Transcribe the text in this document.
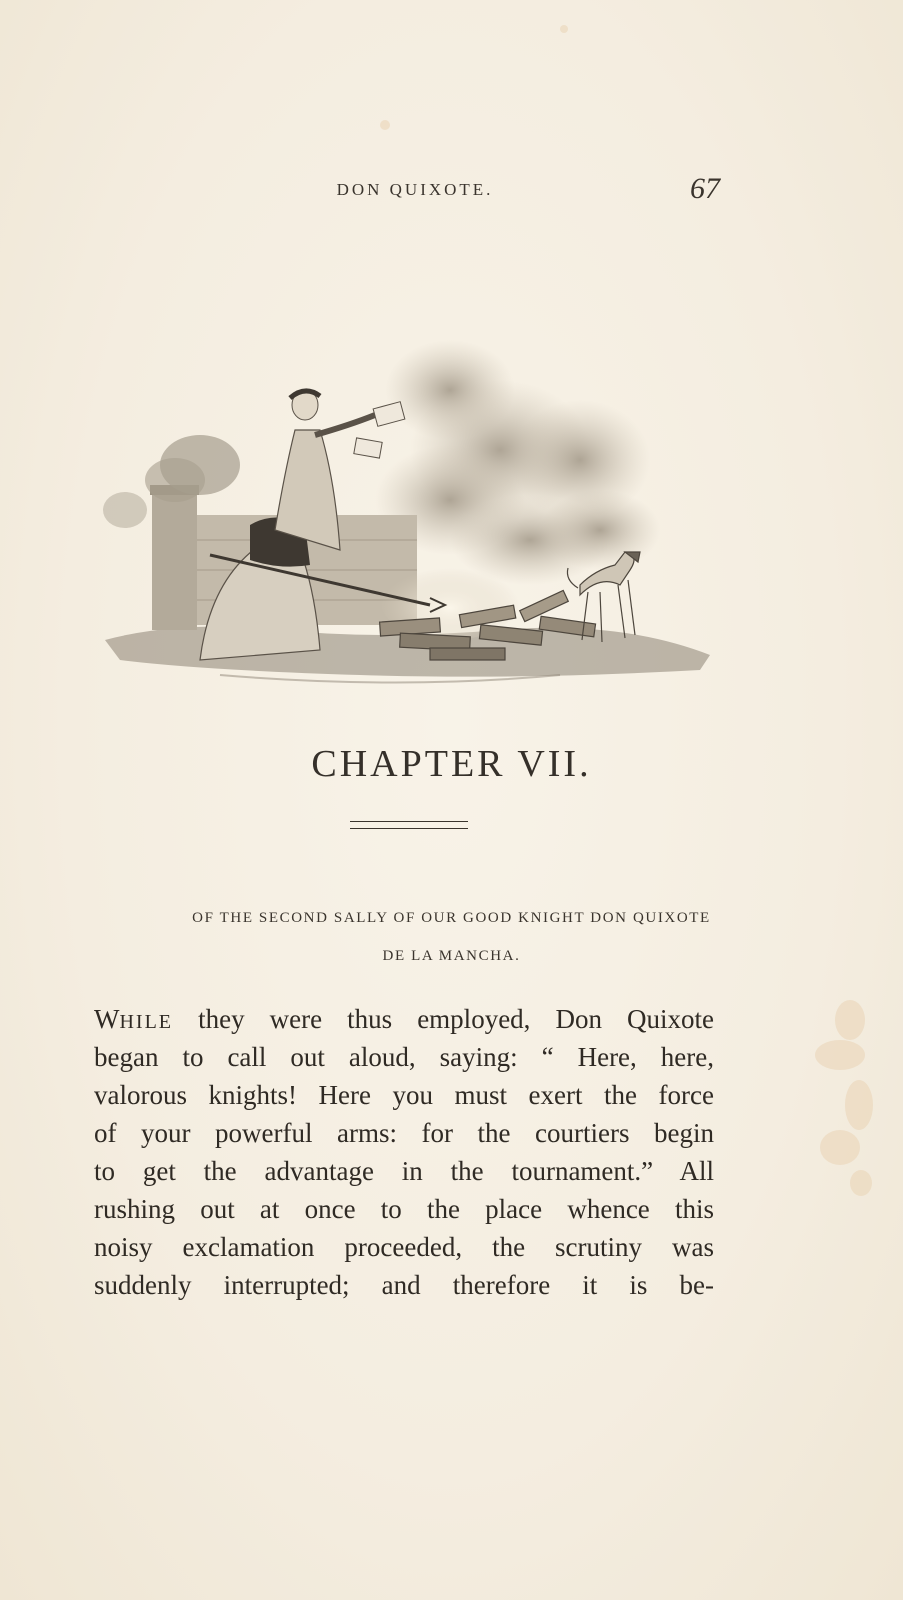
DON QUIXOTE.	67
CHAPTER VII.
OF THE SECOND SALLY OF OUR GOOD KNIGHT DON QUIXOTE
DE LA MANCHA.
WHILE they were thus employed, Don Quixote
began to call out aloud, saying: “ Here, here,
valorous knights! Here you must exert the force
of your powerful arms: for the courtiers begin
to get the advantage in the tournament.” All
rushing out at once to the place whence this
noisy exclamation proceeded, the scrutiny was
suddenly interrupted; and therefore it is be-
